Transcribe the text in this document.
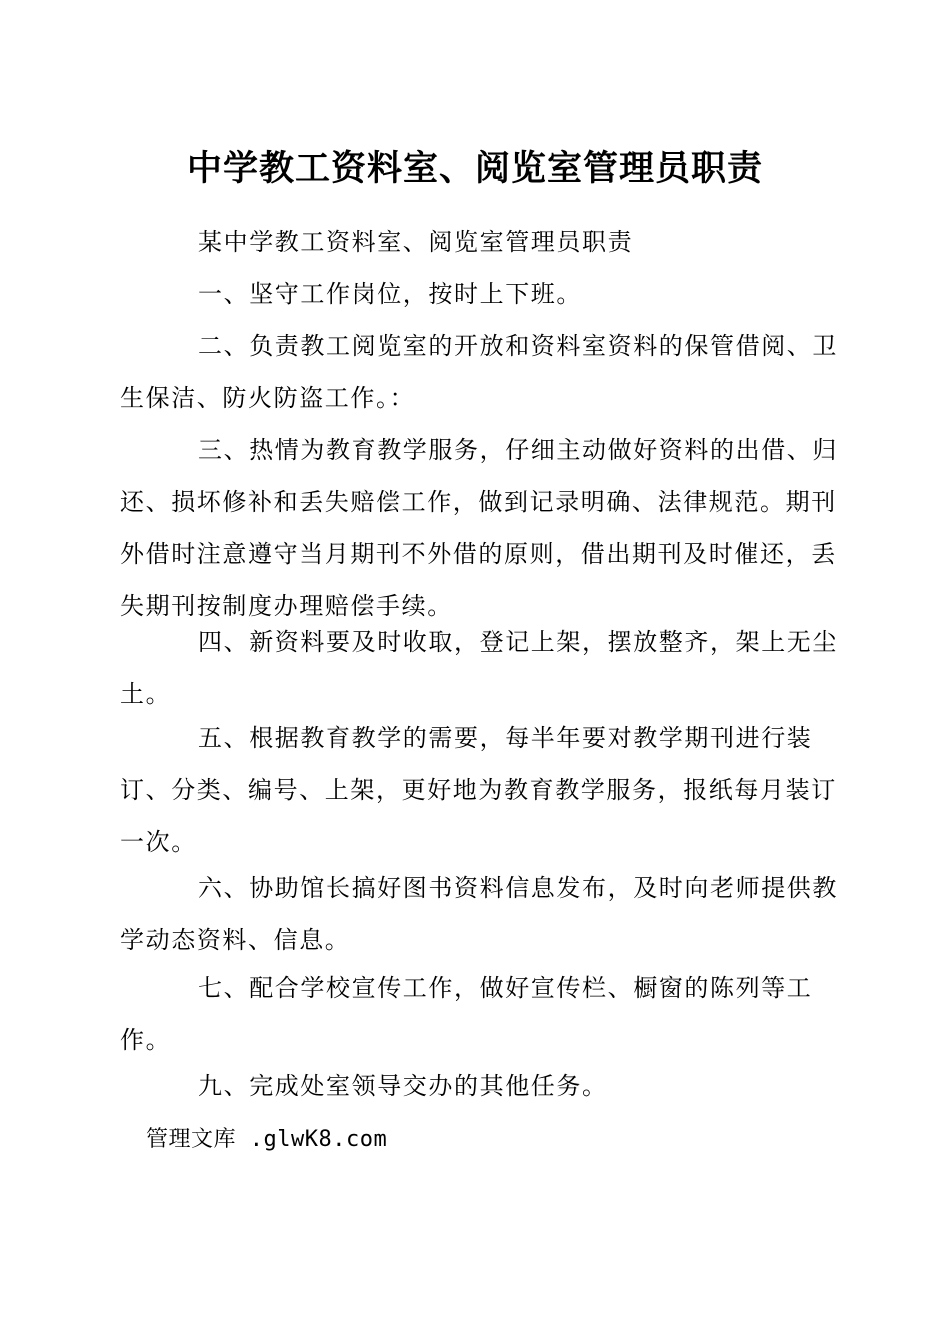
中学教工资料室、阅览室管理员职责

某中学教工资料室、阅览室管理员职责

一、坚守工作岗位，按时上下班。

二、负责教工阅览室的开放和资料室资料的保管借阅、卫生保洁、防火防盗工作。：

三、热情为教育教学服务，仔细主动做好资料的出借、归还、损坏修补和丢失赔偿工作，做到记录明确、法律规范。期刊外借时注意遵守当月期刊不外借的原则，借出期刊及时催还，丢失期刊按制度办理赔偿手续。

四、新资料要及时收取，登记上架，摆放整齐，架上无尘土。

五、根据教育教学的需要，每半年要对教学期刊进行装订、分类、编号、上架，更好地为教育教学服务，报纸每月装订一次。

六、协助馆长搞好图书资料信息发布，及时向老师提供教学动态资料、信息。

七、配合学校宣传工作，做好宣传栏、橱窗的陈列等工作。

九、完成处室领导交办的其他任务。

管理文库 .glwK8.com
